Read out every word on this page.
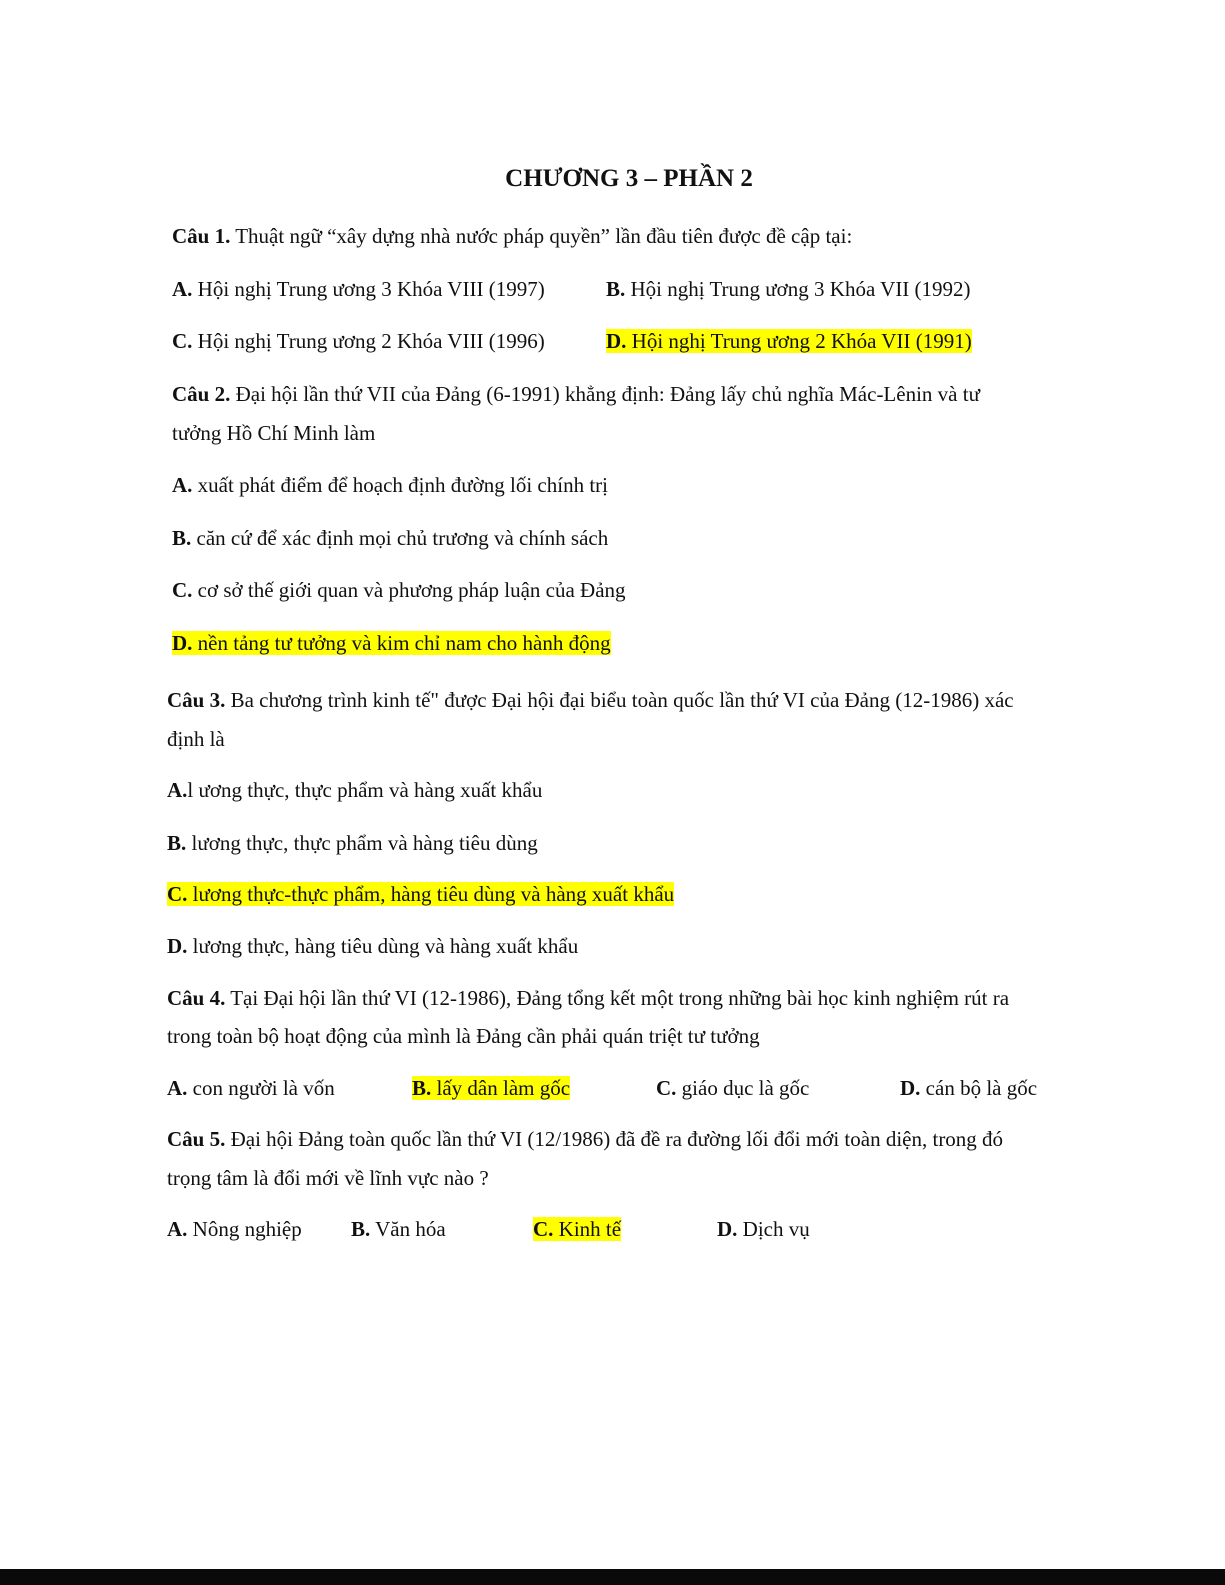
CHƯƠNG 3 – PHẦN 2

Câu 1. Thuật ngữ “xây dựng nhà nước pháp quyền” lần đầu tiên được đề cập tại:

A. Hội nghị Trung ương 3 Khóa VIII (1997)	B. Hội nghị Trung ương 3 Khóa VII (1992)

C. Hội nghị Trung ương 2 Khóa VIII (1996)	D. Hội nghị Trung ương 2 Khóa VII (1991)

Câu 2. Đại hội lần thứ VII của Đảng (6-1991) khẳng định: Đảng lấy chủ nghĩa Mác-Lênin và tư

tưởng Hồ Chí Minh làm

A. xuất phát điểm để hoạch định đường lối chính trị

B. căn cứ để xác định mọi chủ trương và chính sách

C. cơ sở thế giới quan và phương pháp luận của Đảng

D. nền tảng tư tưởng và kim chỉ nam cho hành động

Câu 3. Ba chương trình kinh tế" được Đại hội đại biểu toàn quốc lần thứ VI của Đảng (12-1986) xác

định là

A.l ương thực, thực phẩm và hàng xuất khẩu

B. lương thực, thực phẩm và hàng tiêu dùng

C. lương thực-thực phẩm, hàng tiêu dùng và hàng xuất khẩu

D. lương thực, hàng tiêu dùng và hàng xuất khẩu

Câu 4. Tại Đại hội lần thứ VI (12-1986), Đảng tổng kết một trong những bài học kinh nghiệm rút ra

trong toàn bộ hoạt động của mình là Đảng cần phải quán triệt tư tưởng

A. con người là vốn	B. lấy dân làm gốc	C. giáo dục là gốc	D. cán bộ là gốc

Câu 5. Đại hội Đảng toàn quốc lần thứ VI (12/1986) đã đề ra đường lối đổi mới toàn diện, trong đó

trọng tâm là đổi mới về lĩnh vực nào ?

A. Nông nghiệp B. Văn hóa	C. Kinh tế	D. Dịch vụ
